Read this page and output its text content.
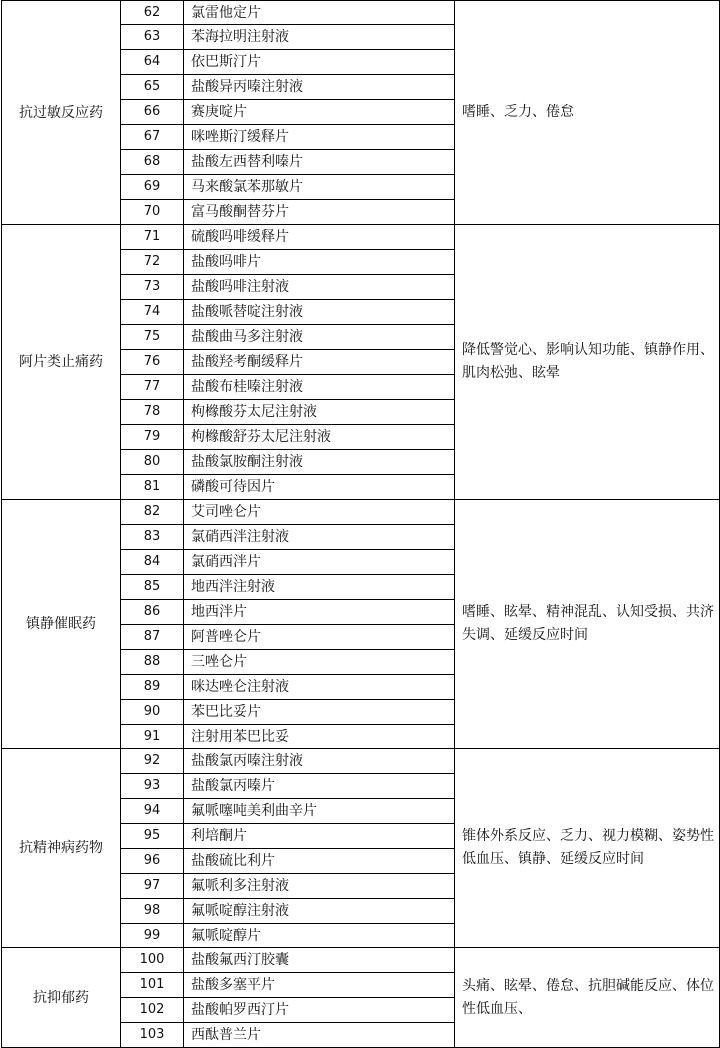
抗过敏反应药	62	氯雷他定片	嗜睡、乏力、倦怠
	63	苯海拉明注射液	
	64	依巴斯汀片	
	65	盐酸异丙嗪注射液	
	66	赛庚啶片	
	67	咪唑斯汀缓释片	
	68	盐酸左西替利嗪片	
	69	马来酸氯苯那敏片	
	70	富马酸酮替芬片	
阿片类止痛药	71	硫酸吗啡缓释片	降低警觉心、影响认知功能、镇静作用、肌肉松弛、眩晕
	72	盐酸吗啡片	
	73	盐酸吗啡注射液	
	74	盐酸哌替啶注射液	
	75	盐酸曲马多注射液	
	76	盐酸羟考酮缓释片	
	77	盐酸布桂嗪注射液	
	78	枸橼酸芬太尼注射液	
	79	枸橼酸舒芬太尼注射液	
	80	盐酸氯胺酮注射液	
	81	磷酸可待因片	
镇静催眠药	82	艾司唑仑片	嗜睡、眩晕、精神混乱、认知受损、共济失调、延缓反应时间
	83	氯硝西泮注射液	
	84	氯硝西泮片	
	85	地西泮注射液	
	86	地西泮片	
	87	阿普唑仑片	
	88	三唑仑片	
	89	咪达唑仑注射液	
	90	苯巴比妥片	
	91	注射用苯巴比妥	
抗精神病药物	92	盐酸氯丙嗪注射液	锥体外系反应、乏力、视力模糊、姿势性低血压、镇静、延缓反应时间
	93	盐酸氯丙嗪片	
	94	氟哌噻吨美利曲辛片	
	95	利培酮片	
	96	盐酸硫比利片	
	97	氟哌利多注射液	
	98	氟哌啶醇注射液	
	99	氟哌啶醇片	
抗抑郁药	100	盐酸氟西汀胶囊	头痛、眩晕、倦怠、抗胆碱能反应、体位性低血压、
	101	盐酸多塞平片	
	102	盐酸帕罗西汀片	
	103	西酞普兰片	
